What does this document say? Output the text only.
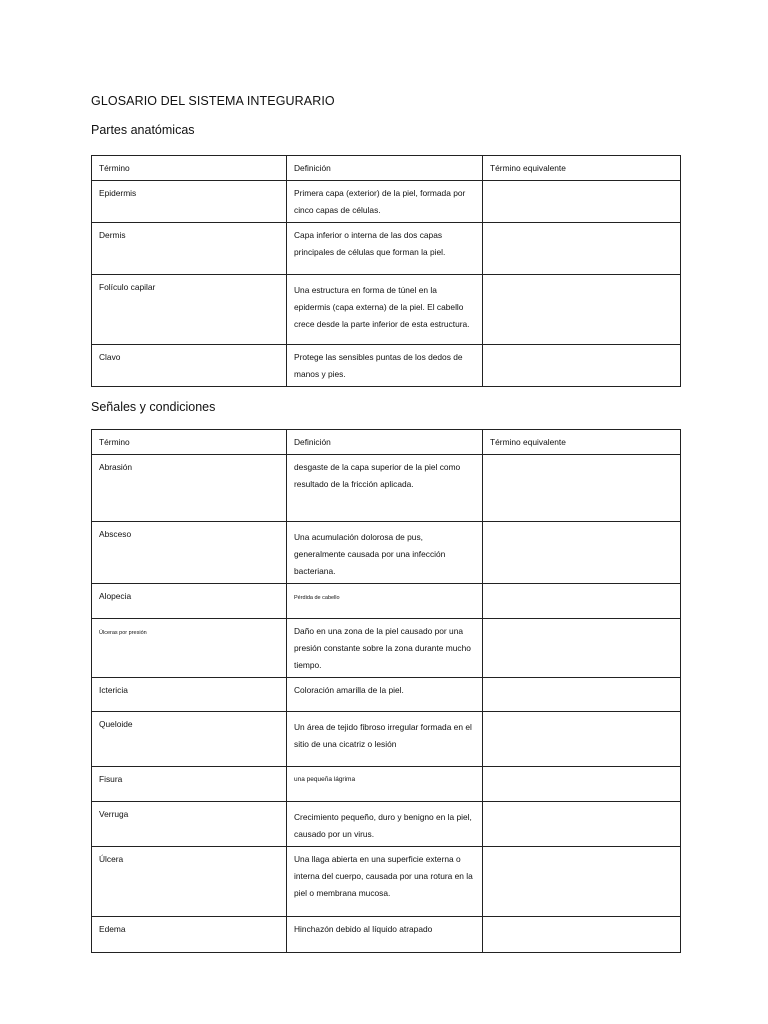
GLOSARIO DEL SISTEMA INTEGURARIO
Partes anatómicas
Término	Definición	Término equivalente
Epidermis	Primera capa (exterior) de la piel, formada por cinco capas de células.	

Dermis	Capa inferior o interna de las dos capas principales de células que forman la piel.	

Folículo capilar	Una estructura en forma de túnel en la epidermis (capa externa) de la piel. El cabello crece desde la parte inferior de esta estructura.	

Clavo	Protege las sensibles puntas de los dedos de manos y pies.	

Señales y condiciones
Término	Definición	Término equivalente
Abrasión	desgaste de la capa superior de la piel como resultado de la fricción aplicada.	

Absceso	Una acumulación dolorosa de pus, generalmente causada por una infección bacteriana.	

Alopecia	Pérdida de cabello	

Úlceras por presión	Daño en una zona de la piel causado por una presión constante sobre la zona durante mucho tiempo.	

Ictericia	Coloración amarilla de la piel.	

Queloide	Un área de tejido fibroso irregular formada en el sitio de una cicatriz o lesión	

Fisura	una pequeña lágrima	

Verruga	Crecimiento pequeño, duro y benigno en la piel, causado por un virus.	

Úlcera	Una llaga abierta en una superficie externa o interna del cuerpo, causada por una rotura en la piel o membrana mucosa.	

Edema	Hinchazón debido al líquido atrapado	
